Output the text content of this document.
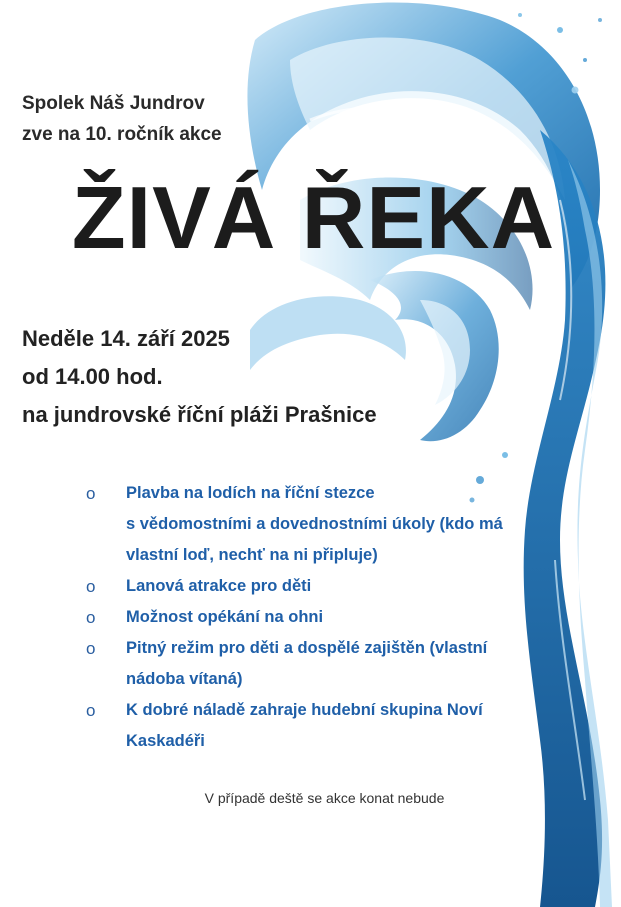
Spolek Náš Jundrov
zve na 10. ročník akce
ŽIVÁ ŘEKA
Neděle 14. září 2025
od 14.00 hod.
na jundrovské říční pláži Prašnice
o Plavba na lodích na říční stezce
s vědomostními a dovednostními úkoly (kdo má
vlastní loď, nechť na ni připluje)
o Lanová atrakce pro děti
o Možnost opékání na ohni
o Pitný režim pro děti a dospělé zajištěn (vlastní
nádoba vítaná)
o K dobré náladě zahraje hudební skupina Noví
Kaskadéři
V případě deště se akce konat nebude
